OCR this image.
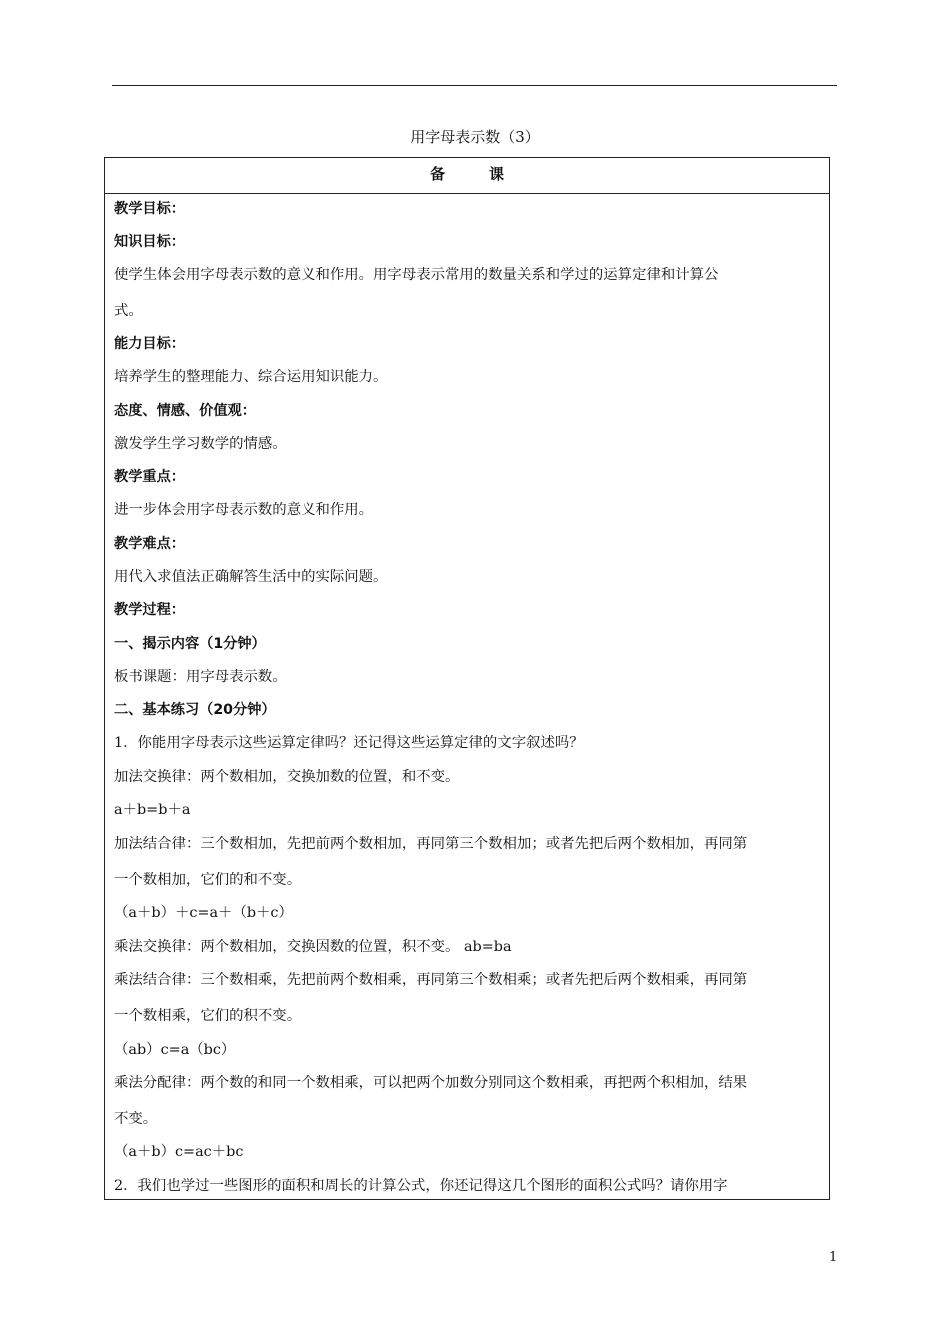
用字母表示数（3）
备	课
教学目标：
知识目标：
使学生体会用字母表示数的意义和作用。用字母表示常用的数量关系和学过的运算定律和计算公
式。
能力目标：
培养学生的整理能力、综合运用知识能力。
态度、情感、价值观：
激发学生学习数学的情感。
教学重点：
进一步体会用字母表示数的意义和作用。
教学难点：
用代入求值法正确解答生活中的实际问题。
教学过程：
一、揭示内容（1分钟）
板书课题：用字母表示数。
二、基本练习（20分钟）
1．你能用字母表示这些运算定律吗？还记得这些运算定律的文字叙述吗？
加法交换律：两个数相加，交换加数的位置，和不变。
a＋b=b＋a
加法结合律：三个数相加，先把前两个数相加，再同第三个数相加；或者先把后两个数相加，再同第
一个数相加，它们的和不变。
（a＋b）＋c=a＋（b＋c）
乘法交换律：两个数相加，交换因数的位置，积不变。 ab=ba
乘法结合律：三个数相乘，先把前两个数相乘，再同第三个数相乘；或者先把后两个数相乘，再同第
一个数相乘，它们的积不变。
（ab）c=a（bc）
乘法分配律：两个数的和同一个数相乘，可以把两个加数分别同这个数相乘，再把两个积相加，结果
不变。
（a＋b）c=ac＋bc
2．我们也学过一些图形的面积和周长的计算公式，你还记得这几个图形的面积公式吗？请你用字
1
